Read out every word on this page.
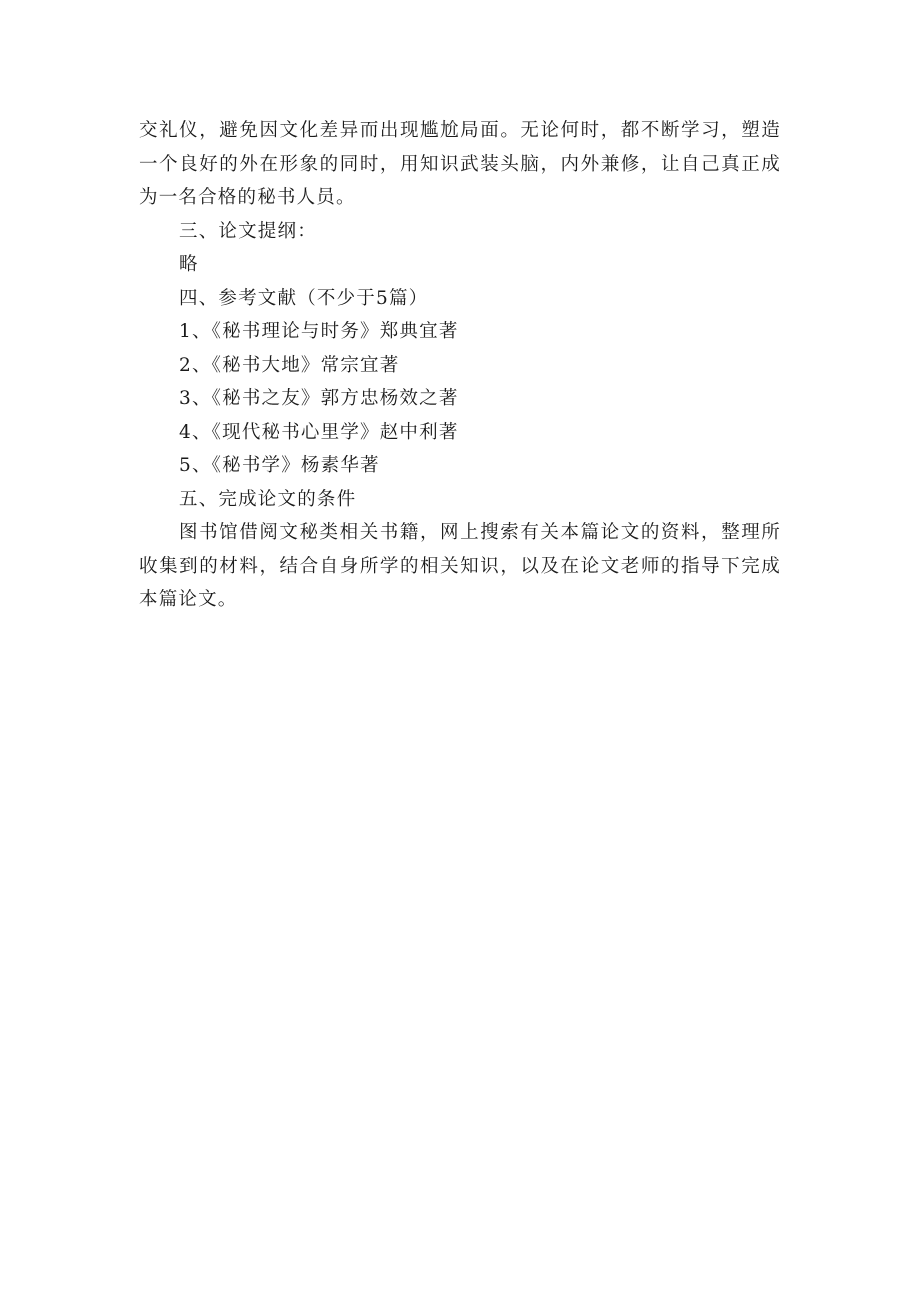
交礼仪，避免因文化差异而出现尴尬局面。无论何时，都不断学习，塑造
一个良好的外在形象的同时，用知识武装头脑，内外兼修，让自己真正成
为一名合格的秘书人员。
三、论文提纲：
略
四、参考文献（不少于5篇）
1、《秘书理论与时务》郑典宜著
2、《秘书大地》常宗宜著
3、《秘书之友》郭方忠杨效之著
4、《现代秘书心里学》赵中利著
5、《秘书学》杨素华著
五、完成论文的条件
图书馆借阅文秘类相关书籍，网上搜索有关本篇论文的资料，整理所
收集到的材料，结合自身所学的相关知识，以及在论文老师的指导下完成
本篇论文。
